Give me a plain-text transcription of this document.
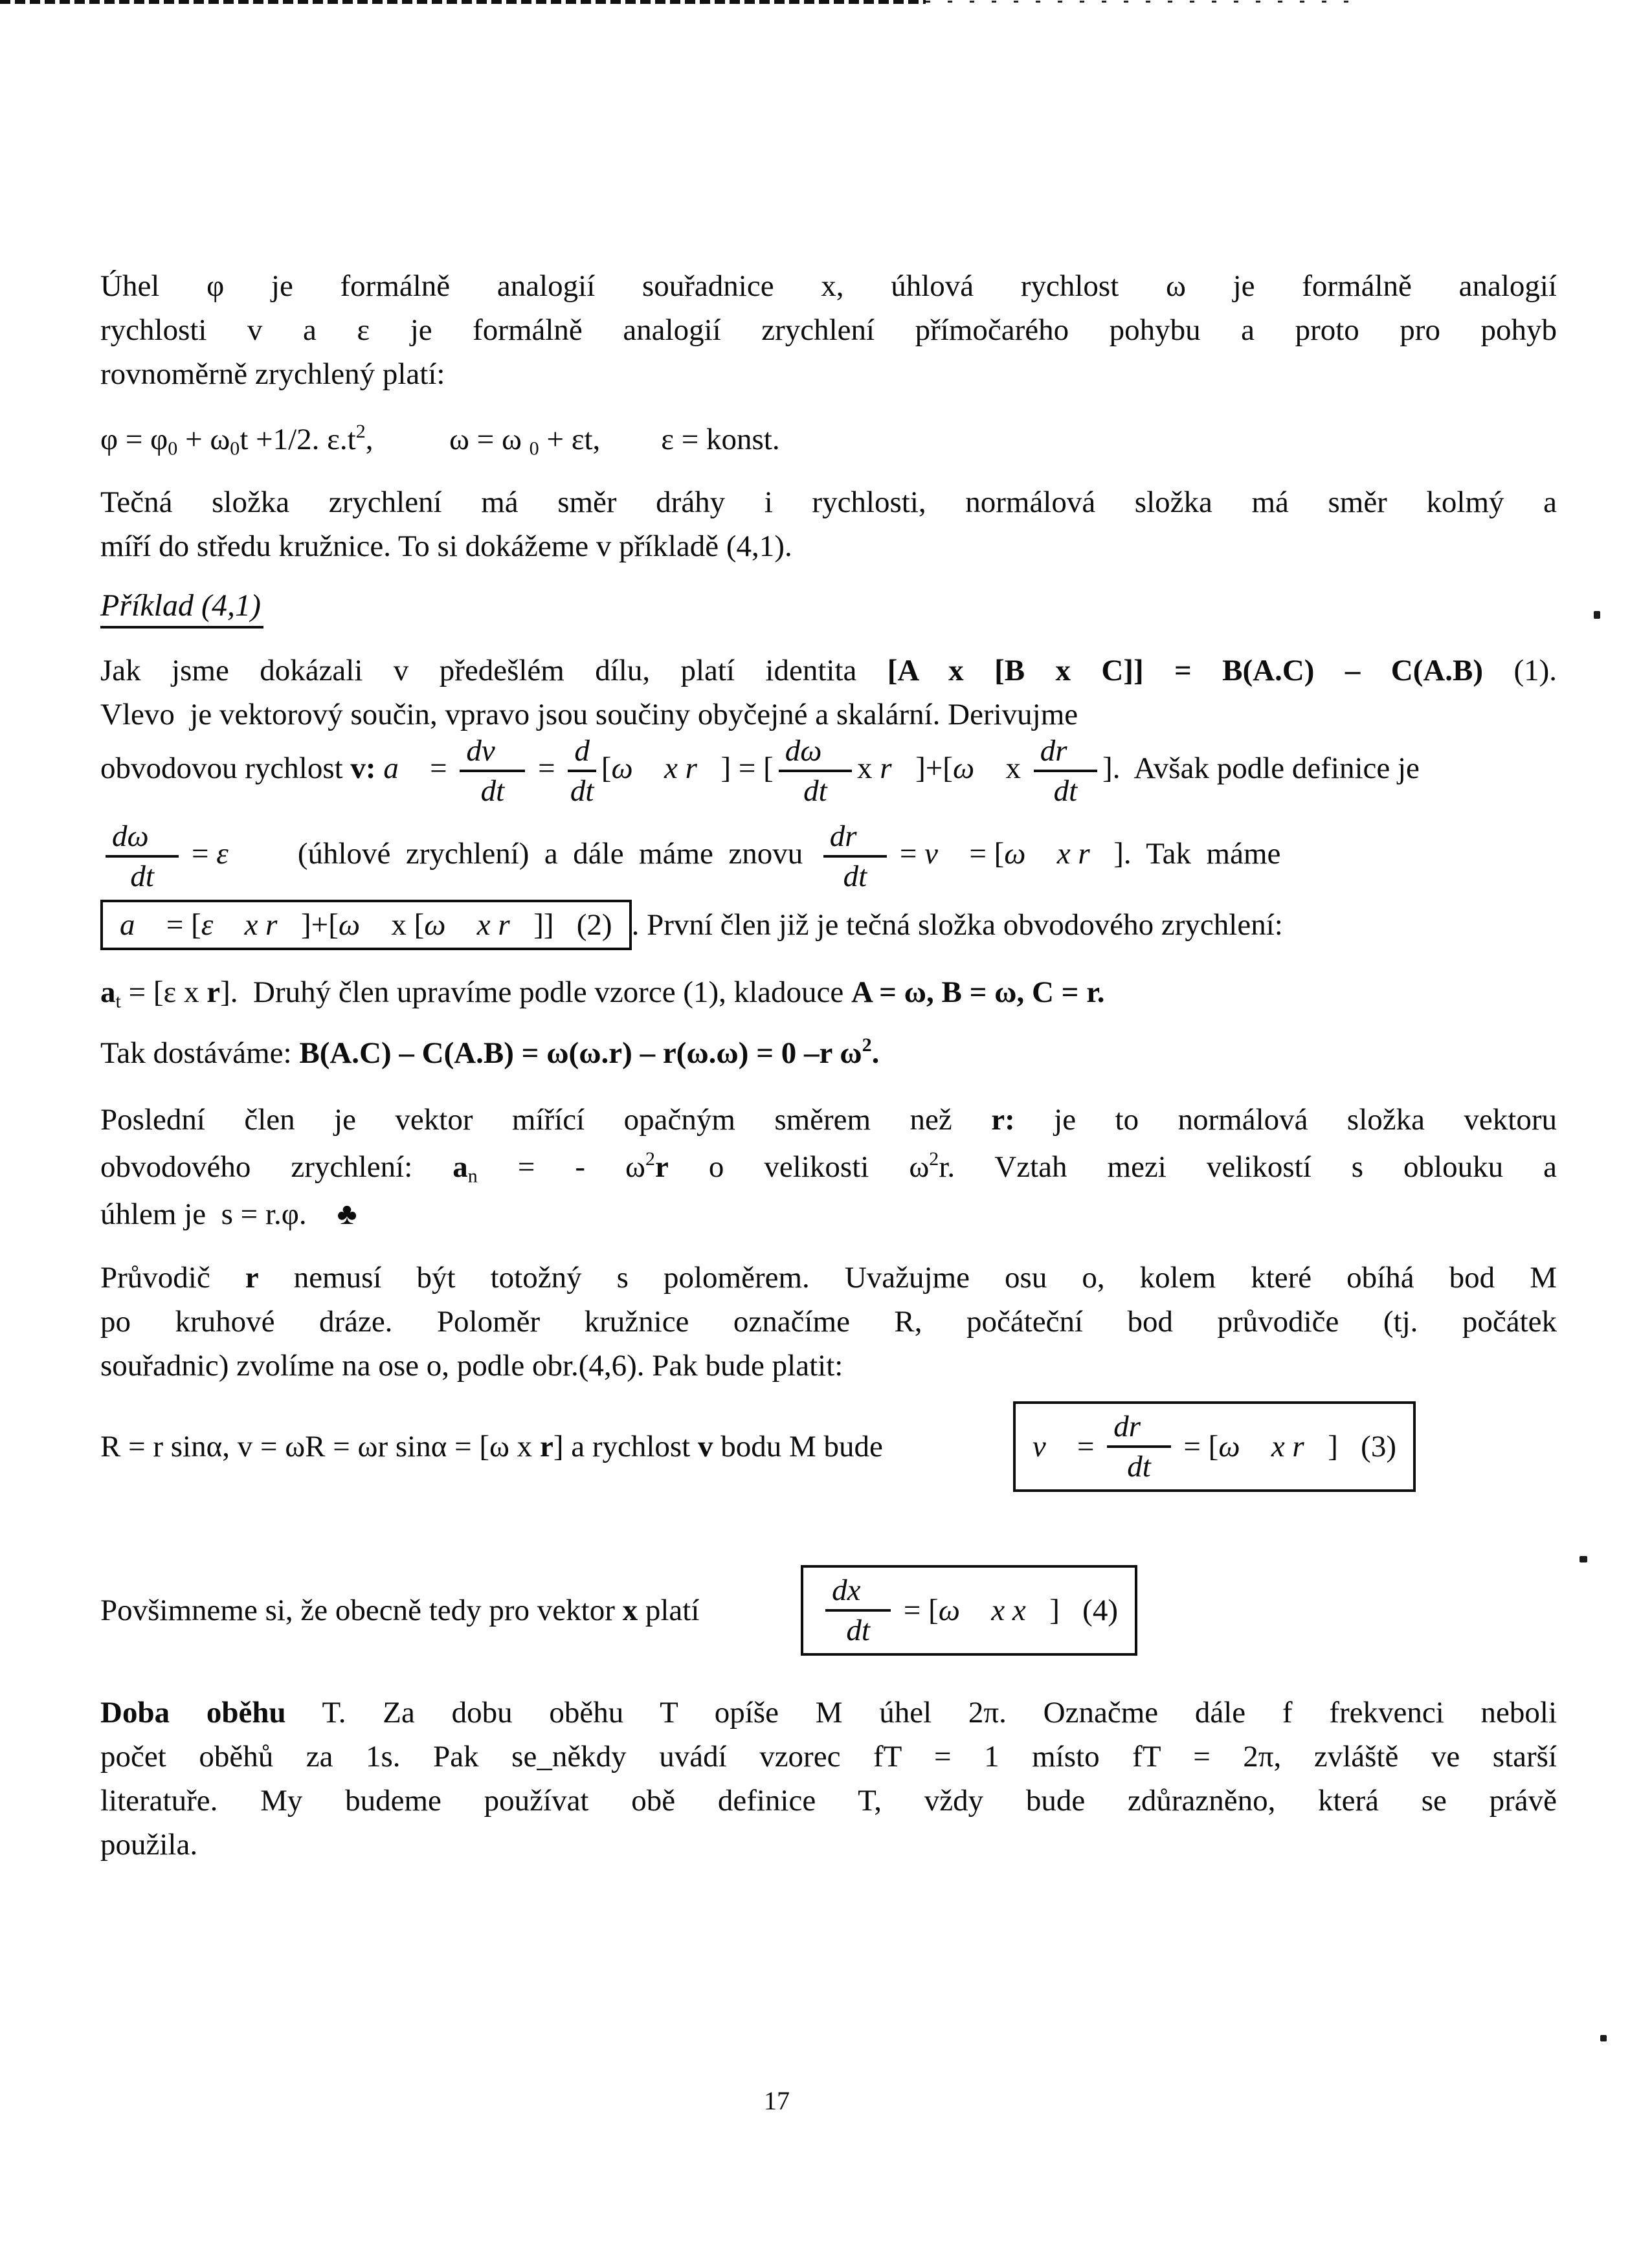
Úhel φ je formálně analogií souřadnice x, úhlová rychlost ω je formálně analogií
rychlosti v a ε je formálně analogií zrychlení přímočarého pohybu a proto pro pohyb
rovnoměrně zrychlený platí:
$\varphi = \varphi_0 + \omega_0t +1/2$. $\varepsilon.t^2$,          ω = ω $_0$ + εt,        ε = konst.
Tečná složka zrychlení má směr dráhy i rychlosti, normálová složka má směr kolmý a
míří do středu kružnice. To si dokážeme v příkladě (4,1).
Příklad (4,1)
Jak jsme dokázali v předešlém dílu, platí identita [A x [B x C]] = B(A.C) – C(A.B) (1).
Vlevo  je vektorový součin, vpravo jsou součiny obyčejné a skalární. Derivujme
obvodovou rychlost v: a⃗ = $\frac{dv⃗}{dt} = \frac{d}{dt}$ [ω⃗ x r⃗] = [ $\frac{d\omega⃗}{dt}$ x r⃗]+[ω⃗ x $\frac{dr⃗}{dt}$ ].  Avšak podle definice je
$\frac{d\omega⃗}{dt}$ = ε⃗      (úhlové  zrychlení)  a  dále  máme  znovu $\frac{dr⃗}{dt}$ = v⃗ = [ω⃗ x r⃗].  Tak  máme
a⃗ = [ ε⃗ x r⃗ ]+[ ω⃗ x [ ω⃗ x r⃗ ]]   (2) . První člen již je tečná složka obvodového zrychlení:
$a_t = [\varepsilon$ x r].  Druhý člen upravíme podle vzorce (1), kladouce A = ω, B = ω, C = r.
Tak dostáváme: B(A.C) – C(A.B) = ω(ω.r) – r(ω.ω) = 0 –r $\omega^2$.
Poslední člen je vektor mířící opačným směrem než r: je to normálová složka vektoru
obvodového zrychlení: $a_n$ = - $\omega^2r$ o velikosti $\omega^2r$. Vztah mezi velikostí s oblouku a
úhlem je  s = r.φ.    ♣
Průvodič r nemusí být totožný s poloměrem. Uvažujme osu o, kolem které obíhá bod M
po kruhové dráze. Poloměr kružnice označíme R, počáteční bod průvodiče (tj. počátek
souřadnic) zvolíme na ose o, podle obr.(4,6). Pak bude platit:
R = r sinα, v = ωR = ωr sinα = [ω x r] a rychlost v bodu M bude	v⃗ = $\frac{dr⃗}{dt}$ = [ ω⃗ x r⃗ ]   (3)
Povšimneme si, že obecně tedy pro vektor x platí	$\frac{dx⃗}{dt}$ = [ ω⃗ x x⃗ ]   (4)
Doba oběhu T. Za dobu oběhu T opíše M úhel 2π. Označme dále f frekvenci neboli
počet oběhů za 1s. Pak se_někdy uvádí vzorec fT = 1 místo fT = 2π, zvláště ve starší
literatuře. My budeme používat obě definice T, vždy bude zdůrazněno, která se právě
použila.
17
